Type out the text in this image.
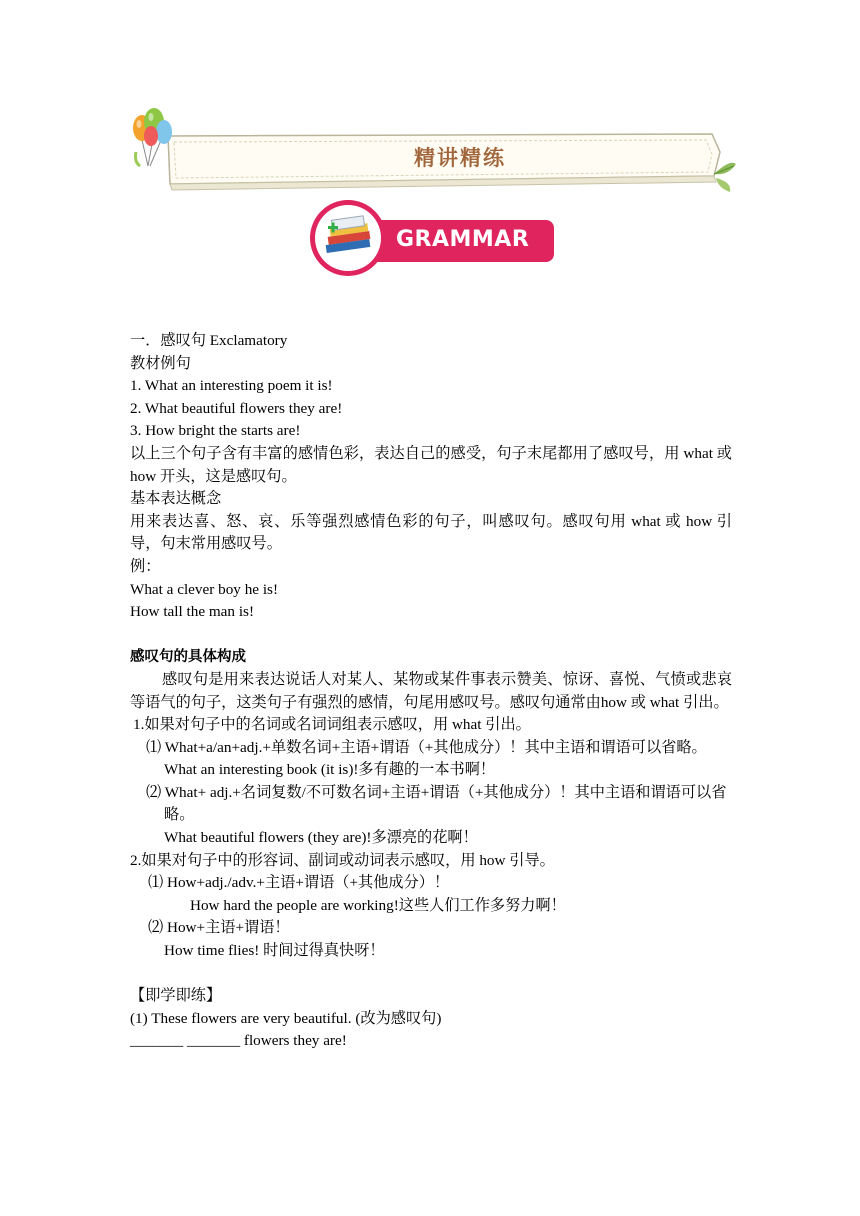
精讲精练
GRAMMAR

一．感叹句 Exclamatory

教材例句

1. What an interesting poem it is!

2. What beautiful flowers they are!

3. How bright the starts are!

以上三个句子含有丰富的感情色彩，表达自己的感受，句子末尾都用了感叹号，用 what 或 how 开头，这是感叹句。

基本表达概念

用来表达喜、怒、哀、乐等强烈感情色彩的句子，叫感叹句。感叹句用 what 或 how 引导，句末常用感叹号。

例：

What a clever boy he is!

How tall the man is!

感叹句的具体构成

感叹句是用来表达说话人对某人、某物或某件事表示赞美、惊讶、喜悦、气愤或悲哀等语气的句子，这类句子有强烈的感情，句尾用感叹号。感叹句通常由how 或 what 引出。

1.如果对句子中的名词或名词词组表示感叹，用 what 引出。

⑴ What+a/an+adj.+单数名词+主语+谓语（+其他成分）！其中主语和谓语可以省略。

What an interesting book (it is)!多有趣的一本书啊！

⑵ What+ adj.+名词复数/不可数名词+主语+谓语（+其他成分）！其中主语和谓语可以省略。

What beautiful flowers (they are)!多漂亮的花啊！

2.如果对句子中的形容词、副词或动词表示感叹，用 how 引导。

⑴ How+adj./adv.+主语+谓语（+其他成分）！

How hard the people are working!这些人们工作多努力啊！

⑵ How+主语+谓语！

How time flies! 时间过得真快呀！

【即学即练】

(1) These flowers are very beautiful. (改为感叹句)

_______ _______ flowers they are!
